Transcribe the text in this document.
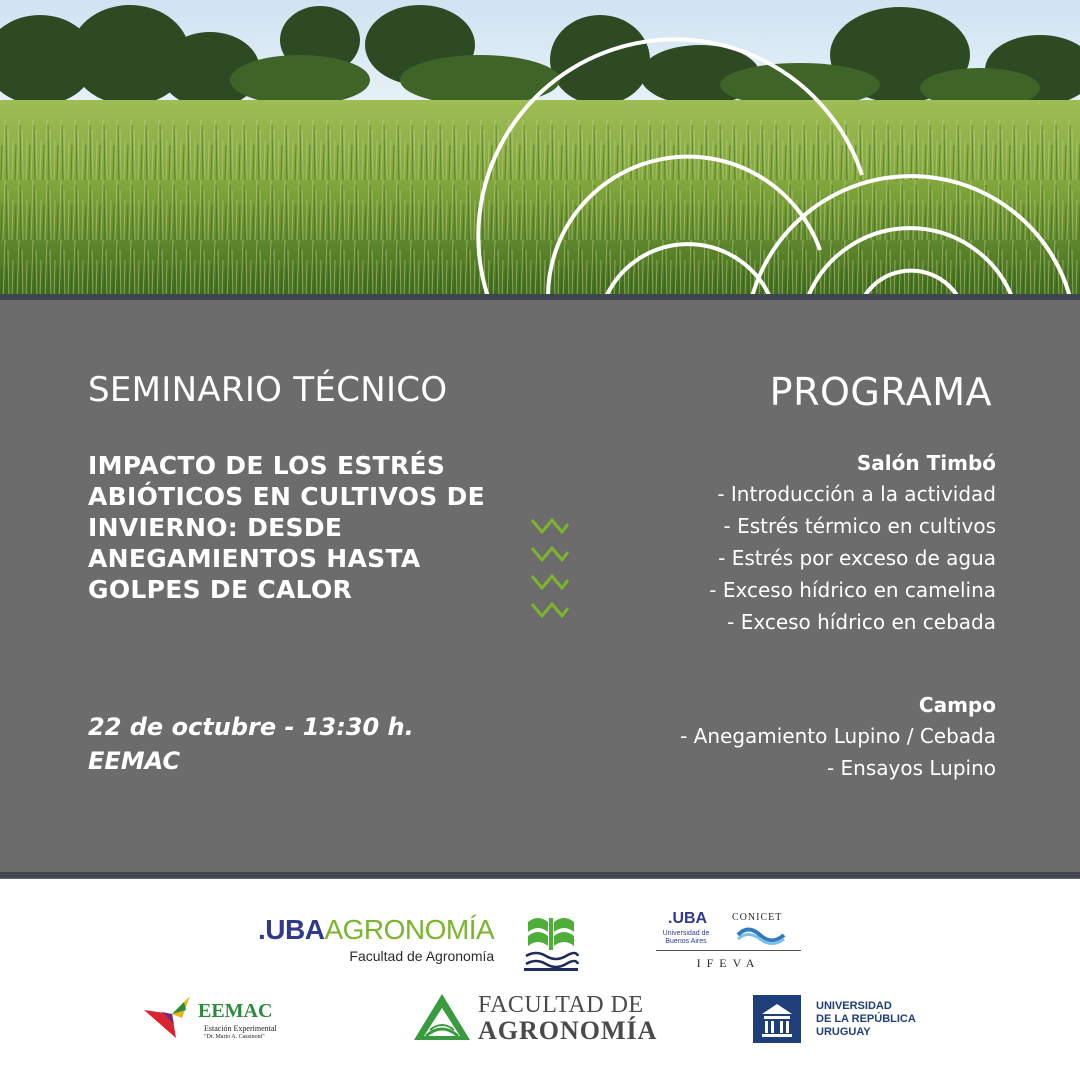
SEMINARIO TÉCNICO
IMPACTO DE LOS ESTRÉS ABIÓTICOS EN CULTIVOS DE INVIERNO: DESDE ANEGAMIENTOS HASTA GOLPES DE CALOR
22 de octubre - 13:30 h.
EEMAC
PROGRAMA
Salón Timbó
- Introducción a la actividad
- Estrés térmico en cultivos
- Estrés por exceso de agua
- Exceso hídrico en camelina
- Exceso hídrico en cebada
Campo
- Anegamiento Lupino / Cebada
- Ensayos Lupino
.UBAAGRONOMÍA
Facultad de Agronomía
.UBA
Universidad de Buenos Aires
CONICET
IFEVA
EEMAC
Estación Experimental
"Dr. Mario A. Cassinoni"
FACULTAD DE
AGRONOMÍA
UNIVERSIDAD
DE LA REPÚBLICA
URUGUAY
